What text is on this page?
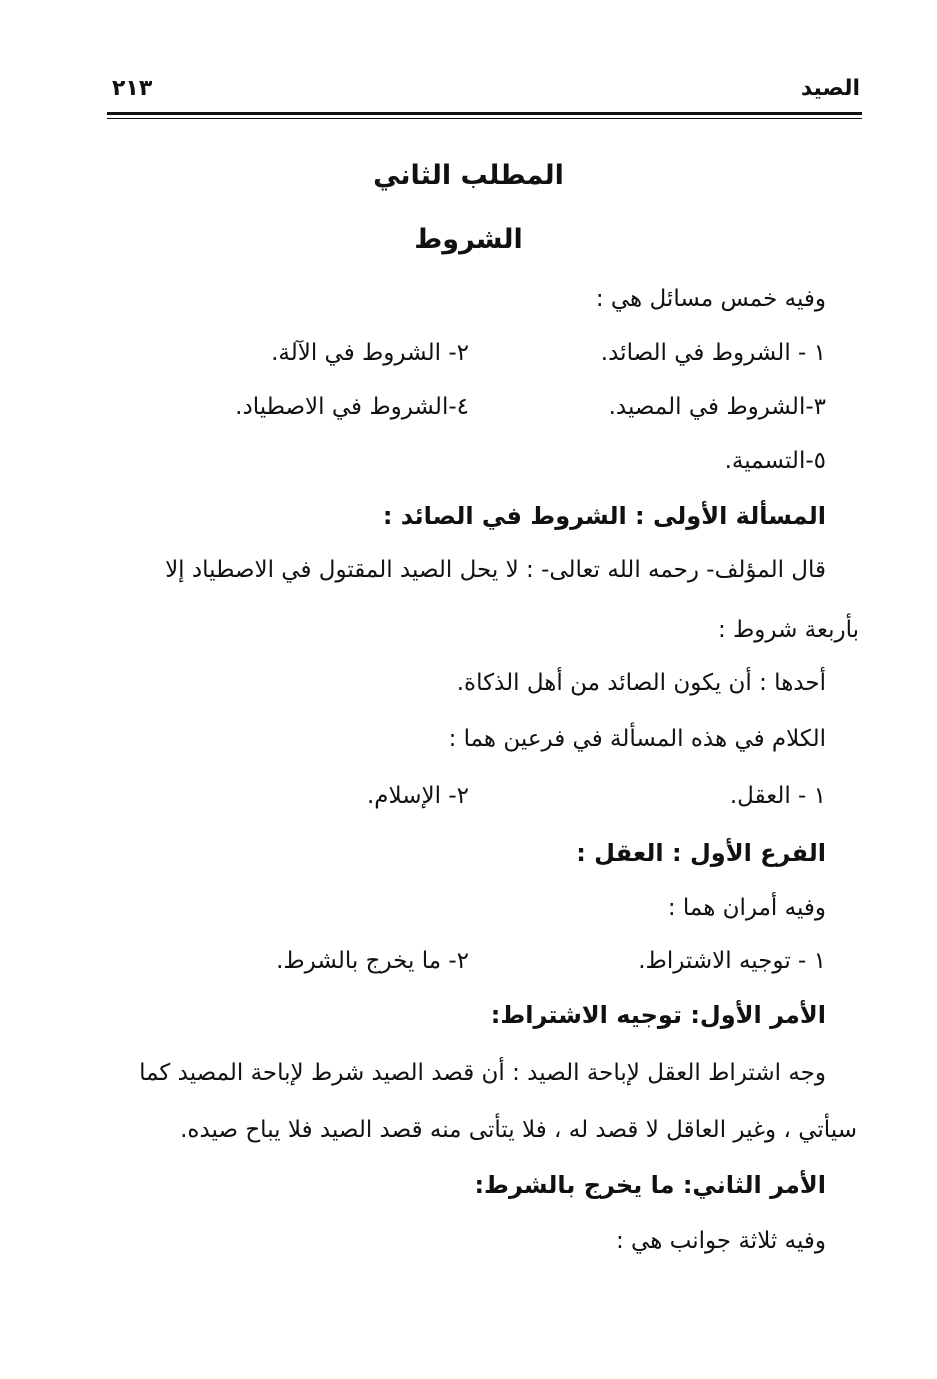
الصيد
٢١٣
المطلب الثاني
الشروط
وفيه خمس مسائل هي :
١ - الشروط في الصائد.
٢- الشروط في الآلة.
٣-الشروط في المصيد.
٤-الشروط في الاصطياد.
٥-التسمية.
المسألة الأولى : الشروط في الصائد :
قال المؤلف- رحمه الله تعالى- : لا يحل الصيد المقتول في الاصطياد إلا
بأربعة شروط :
أحدها : أن يكون الصائد من أهل الذكاة.
الكلام في هذه المسألة في فرعين هما :
١ - العقل.
٢- الإسلام.
الفرع الأول : العقل :
وفيه أمران هما :
١ - توجيه الاشتراط.
٢- ما يخرج بالشرط.
الأمر الأول: توجيه الاشتراط:
وجه اشتراط العقل لإباحة الصيد : أن قصد الصيد شرط لإباحة المصيد كما
سيأتي ، وغير العاقل لا قصد له ، فلا يتأتى منه قصد الصيد فلا يباح صيده.
الأمر الثاني: ما يخرج بالشرط:
وفيه ثلاثة جوانب هي :
